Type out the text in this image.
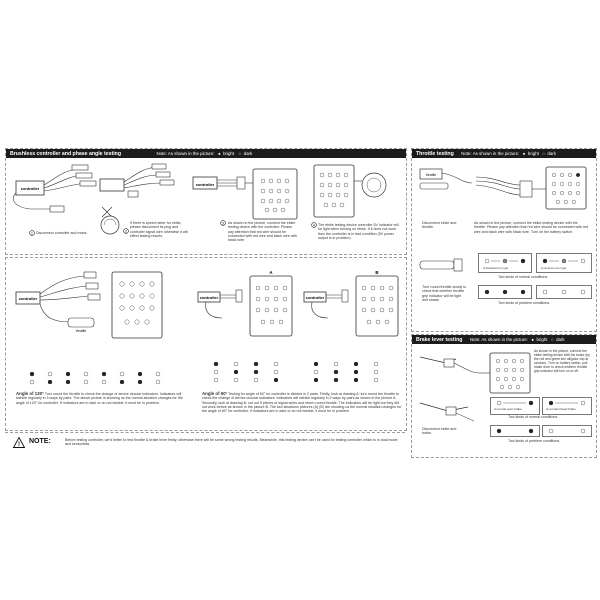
Brushless controller and phase angle testing	Note: As shown in the picture: ● bright ○ dark
controller
1 Disconnect controller and motor.	2
If there is speed meter for ebike, please disconnect its plug and controller signal wire otherwise it will effect testing results.
controller
3 As shown in the picture, connect the ebike testing device with the controller. Please pay attention that red wire should be connected with red wire and black wire with black wire.
4 The ebike testing device controller 5V indicator will be light when turning on ebike. If it does not work then the controller is in bad condition (5V power output is in problem).
controller
throttle
Angle of 120° Turn round the throttle to check the change of device circular indicators. Indicators will twinkle regularly in 3 ways by pairs. The above picture is showing us the normal situation changes for the angle of 120° for controller. If indicators are in dark or do not twinkle, it must be in problem.
controller
A
controller
B
Angle of 60° Testing for angle of 60° for controller is divided in 2 parts. Firstly, look at drawing A: turn round the throttle to check the change of device circular indicators. Indicators will twinkle regularly in 2 ways by pairs as shown in the picture A. Secondly, look at drawing B, cut out 5 pieces of signal wires and return round throttle. The indicators will be light but they did not work before as shown in the picture B. The two situations pictures (A) (B) are showing us the normal situation changes for the angle of 60° for controller. If indicators are in dark or do not twinkle, it must be in problem.
!
NOTE:	Before testing controller, we'd better to test throttle & brake lever firstly, otherwise there will be some wrong testing results. Meanwhile, this testing device can't be used for testing controller which is in dual mode and sensorless.
Throttle testing Note: As shown in the picture: ● bright ○ dark
throttle
Disconnect ebike and throttle.
As shown in the picture, connect the ebike testing device with the throttle. Please pay attention that red wire should be connected with red wire and black wire with black wire. Turn on the battery switch.
Turn round throttle slowly to check that whether throttle grip indicator will be light and shade.
A forward turn type	A reverse turn type
Two kinds of normal conditions.
Two kinds of problem conditions.
Brake lever testing Note: As shown in the picture: ● bright ○ dark
As shown in the picture, connect the ebike testing device with the brake (by the red and green line alligator clip at random). Turn on battery switch, pull brake lever to check whether throttle grip indicator will turn on or off.
Disconnect ebike and brake.
A normal open brake	A normal closed brake
Two kinds of normal conditions.
Two kinds of problem conditions.
